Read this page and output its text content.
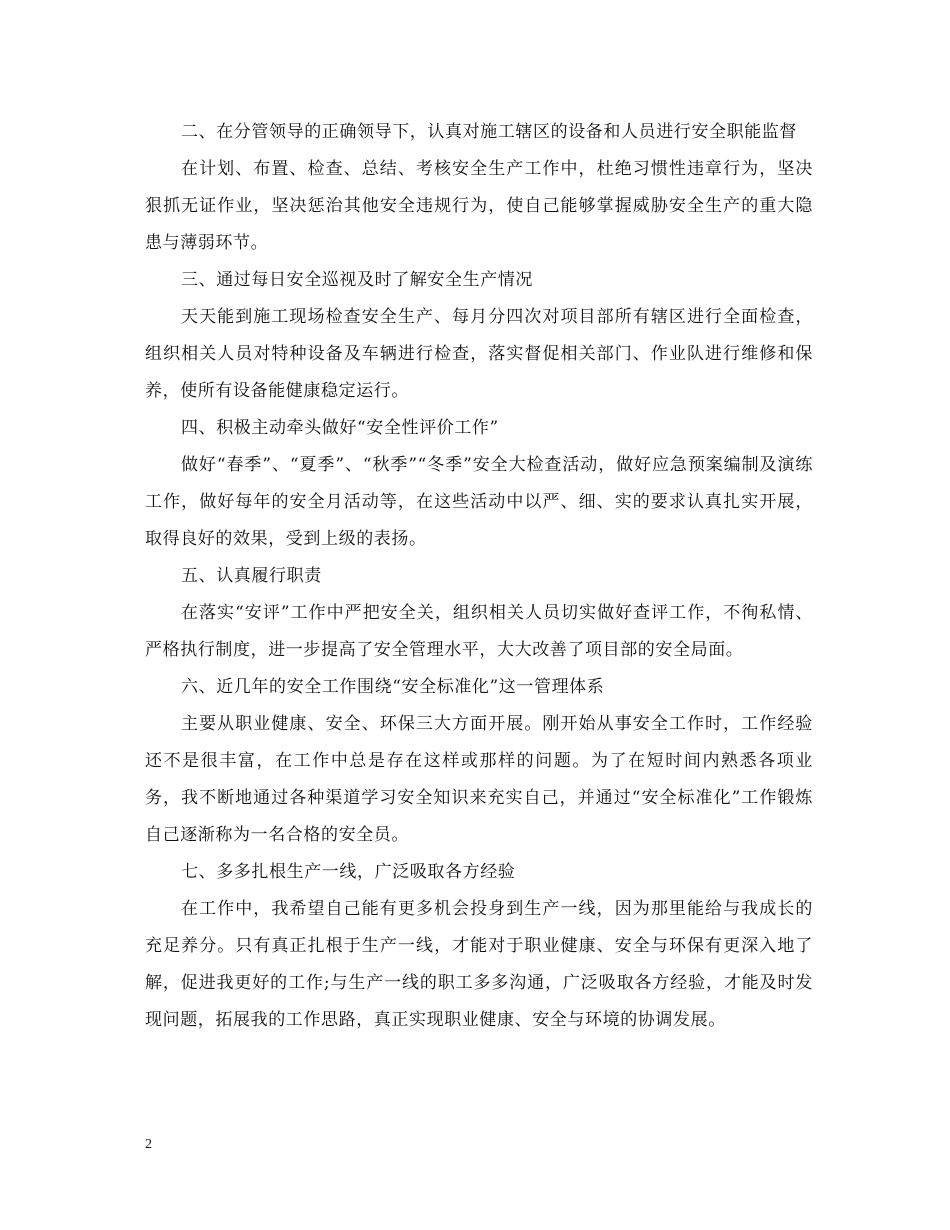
二、在分管领导的正确领导下，认真对施工辖区的设备和人员进行安全职能监督

在计划、布置、检查、总结、考核安全生产工作中，杜绝习惯性违章行为，坚决狠抓无证作业，坚决惩治其他安全违规行为，使自己能够掌握威胁安全生产的重大隐患与薄弱环节。

三、通过每日安全巡视及时了解安全生产情况

天天能到施工现场检查安全生产、每月分四次对项目部所有辖区进行全面检查，组织相关人员对特种设备及车辆进行检查，落实督促相关部门、作业队进行维修和保养，使所有设备能健康稳定运行。

四、积极主动牵头做好“安全性评价工作”

做好“春季”、“夏季”、“秋季”“冬季”安全大检查活动，做好应急预案编制及演练工作，做好每年的安全月活动等，在这些活动中以严、细、实的要求认真扎实开展，取得良好的效果，受到上级的表扬。

五、认真履行职责

在落实“安评”工作中严把安全关，组织相关人员切实做好查评工作，不徇私情、严格执行制度，进一步提高了安全管理水平，大大改善了项目部的安全局面。

六、近几年的安全工作围绕“安全标准化”这一管理体系

主要从职业健康、安全、环保三大方面开展。刚开始从事安全工作时，工作经验还不是很丰富，在工作中总是存在这样或那样的问题。为了在短时间内熟悉各项业务，我不断地通过各种渠道学习安全知识来充实自己，并通过“安全标准化”工作锻炼自己逐渐称为一名合格的安全员。

七、多多扎根生产一线，广泛吸取各方经验

在工作中，我希望自己能有更多机会投身到生产一线，因为那里能给与我成长的充足养分。只有真正扎根于生产一线，才能对于职业健康、安全与环保有更深入地了解，促进我更好的工作;与生产一线的职工多多沟通，广泛吸取各方经验，才能及时发现问题，拓展我的工作思路，真正实现职业健康、安全与环境的协调发展。

2
